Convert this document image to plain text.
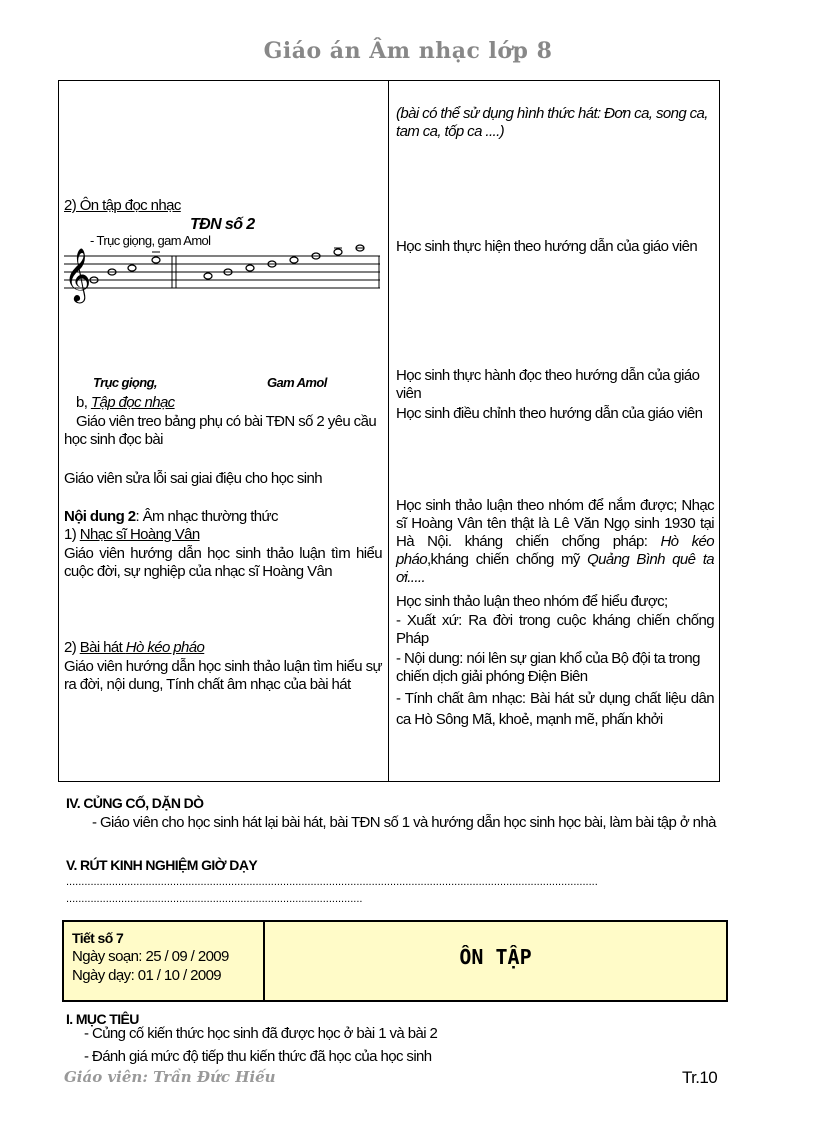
Giáo án Âm nhạc lớp 8
2) Ôn tập đọc nhạc
TĐN số 2
- Trục giọng, gam Amol
𝄞
Trục giọng,	Gam Amol
b, Tập đọc nhạc
Giáo viên treo bảng phụ có bài TĐN số 2 yêu cầu học sinh đọc bài
Giáo viên sửa lỗi sai giai điệu cho học sinh
Nội dung 2: Âm nhạc thường thức
1) Nhạc sĩ Hoàng Vân
Giáo viên hướng dẫn học sinh thảo luận tìm hiểu cuộc đời, sự nghiệp của nhạc sĩ Hoàng Vân
2) Bài hát Hò kéo pháo
Giáo viên hướng dẫn học sinh thảo luận tìm hiểu sự ra đời, nội dung, Tính chất âm nhạc của bài hát
(bài có thể sử dụng hình thức hát: Đơn ca, song ca, tam ca, tốp ca ....)
Học sinh thực hiện theo hướng dẫn của giáo viên
Học sinh thực hành đọc theo hướng dẫn của giáo viên
Học sinh điều chỉnh theo hướng dẫn của giáo viên
Học sinh thảo luận theo nhóm để nắm được; Nhạc sĩ Hoàng Vân tên thật là Lê Văn Ngọ sinh 1930 tại Hà Nội. kháng chiến chống pháp: Hò kéo pháo,kháng chiến chống mỹ Quảng Bình quê ta ơi.....
Học sinh thảo luận theo nhóm để hiểu được;
- Xuất xứ: Ra đời trong cuộc kháng chiến chống Pháp
- Nội dung: nói lên sự gian khổ của Bộ đội ta trong chiến dịch giải phóng Điện Biên
- Tính chất âm nhạc: Bài hát sử dụng chất liệu dân ca Hò Sông Mã, khoẻ, mạnh mẽ, phấn khởi
IV. CỦNG CỐ, DẶN DÒ
- Giáo viên cho học sinh hát lại bài hát, bài TĐN số 1 và hướng dẫn học sinh học bài, làm bài tập ở nhà
V. RÚT KINH NGHIỆM GIỜ DẠY
..............................................................................................................................................................................
.................................................................................................
Tiết số 7
Ngày soạn: 25 / 09 / 2009
Ngày dạy: 01 / 10 / 2009
ÔN TẬP
I. MỤC TIÊU
- Củng cố kiến thức học sinh đã được học ở bài 1 và bài 2
- Đánh giá mức độ tiếp thu kiến thức đã học của học sinh
Giáo viên: Trần Đức Hiếu	Tr.10
